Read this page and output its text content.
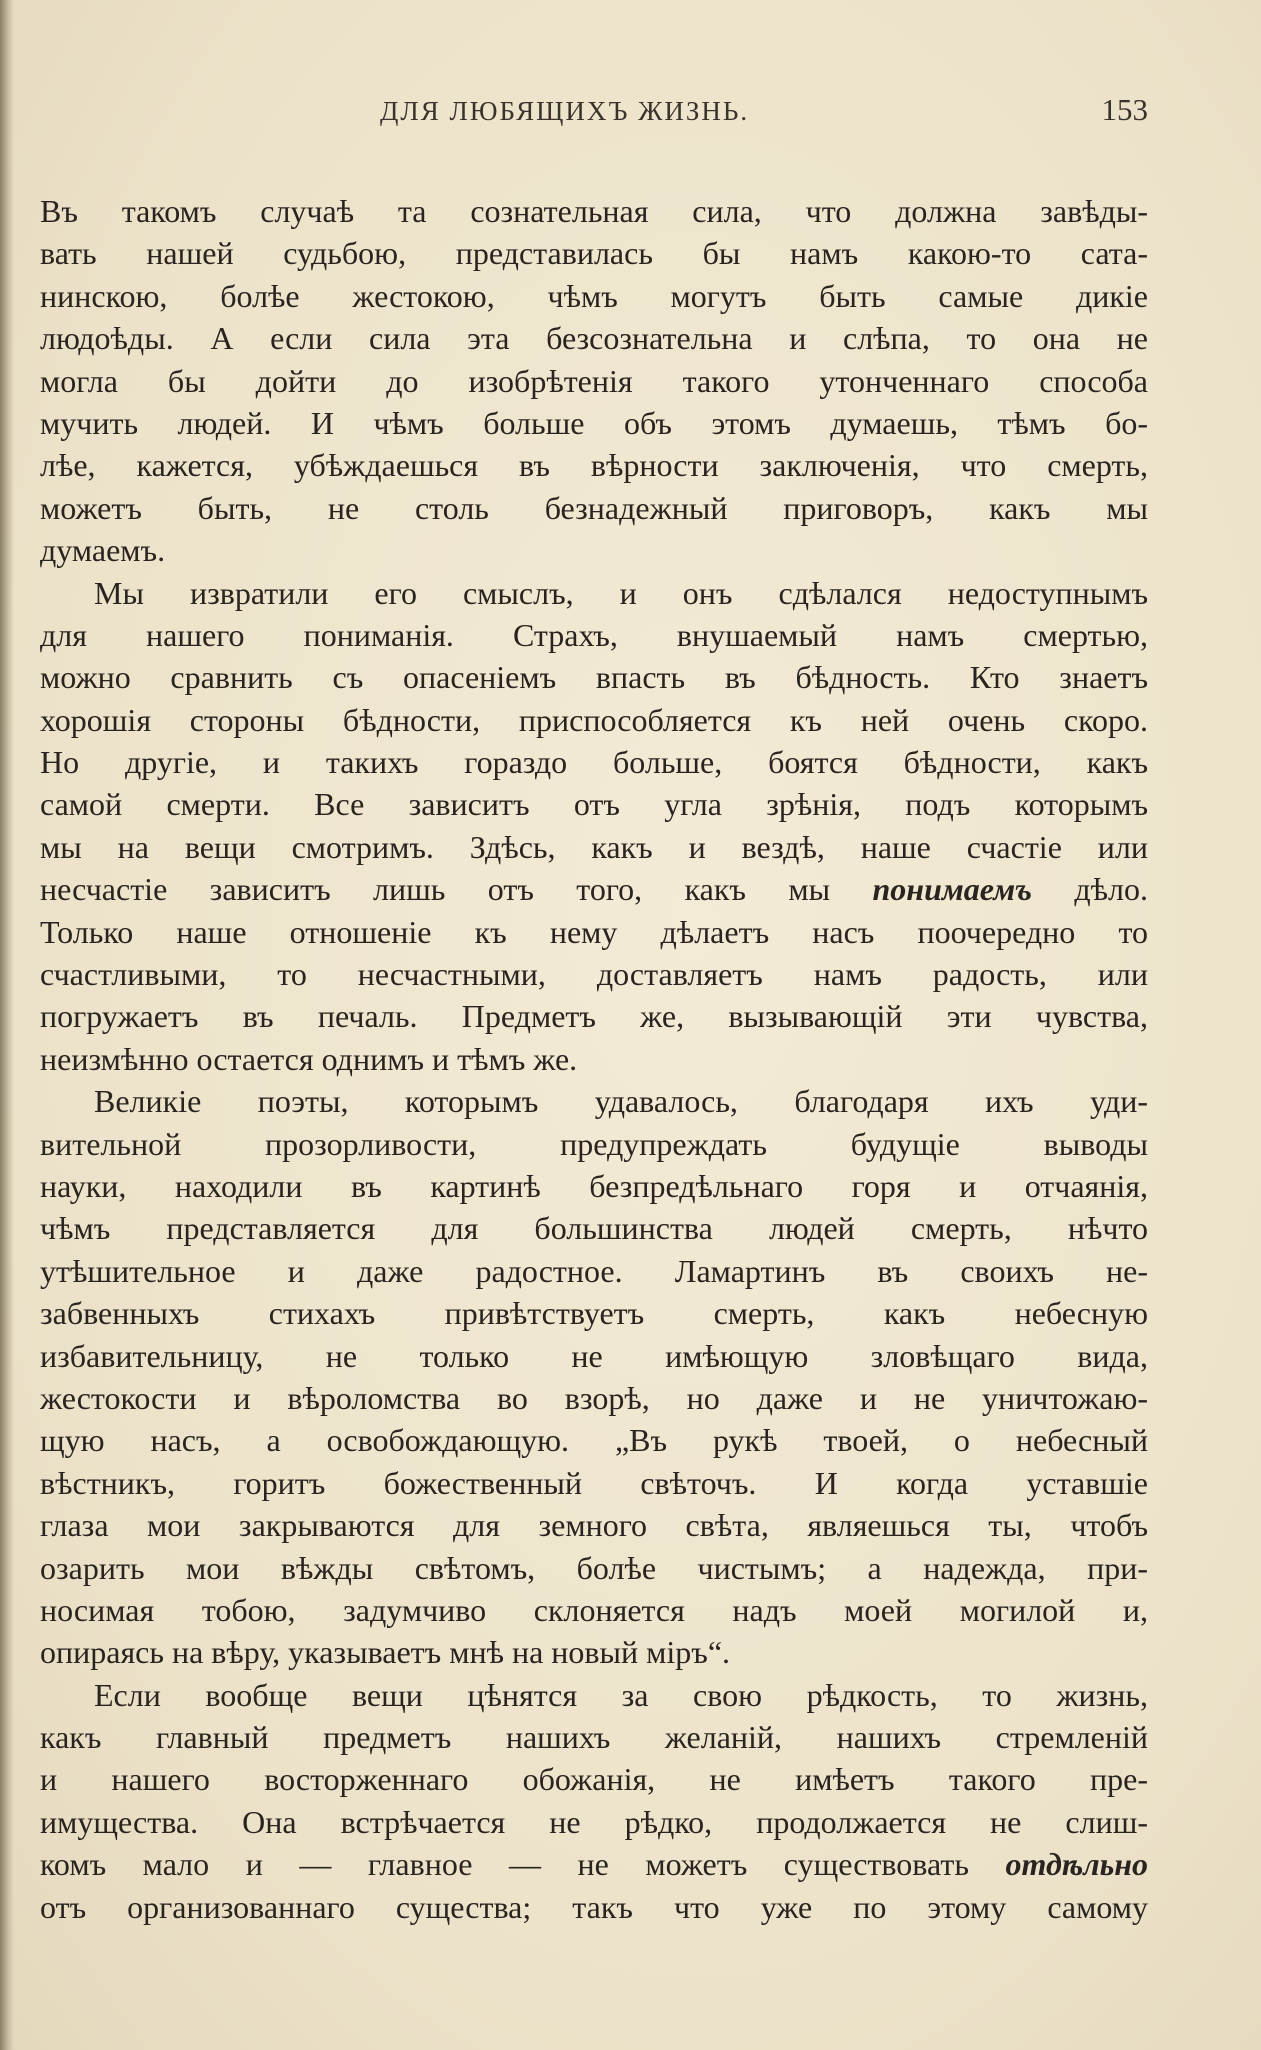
ДЛЯ ЛЮБЯЩИХЪ ЖИЗНЬ.	153
Въ такомъ случаѣ та сознательная сила, что должна завѣды-
вать нашей судьбою, представилась бы намъ какою-то сата-
нинскою, болѣе жестокою, чѣмъ могутъ быть самые дикіе
людоѣды. А если сила эта безсознательна и слѣпа, то она не
могла бы дойти до изобрѣтенія такого утонченнаго способа
мучить людей. И чѣмъ больше объ этомъ думаешь, тѣмъ бо-
лѣе, кажется, убѣждаешься въ вѣрности заключенія, что смерть,
можетъ быть, не столь безнадежный приговоръ, какъ мы
думаемъ.
Мы извратили его смыслъ, и онъ сдѣлался недоступнымъ
для нашего пониманія. Страхъ, внушаемый намъ смертью,
можно сравнить съ опасеніемъ впасть въ бѣдность. Кто знаетъ
хорошія стороны бѣдности, приспособляется къ ней очень скоро.
Но другіе, и такихъ гораздо больше, боятся бѣдности, какъ
самой смерти. Все зависитъ отъ угла зрѣнія, подъ которымъ
мы на вещи смотримъ. Здѣсь, какъ и вездѣ, наше счастіе или
несчастіе зависитъ лишь отъ того, какъ мы понимаемъ дѣло.
Только наше отношеніе къ нему дѣлаетъ насъ поочередно то
счастливыми, то несчастными, доставляетъ намъ радость, или
погружаетъ въ печаль. Предметъ же, вызывающій эти чувства,
неизмѣнно остается однимъ и тѣмъ же.
Великіе поэты, которымъ удавалось, благодаря ихъ уди-
вительной прозорливости, предупреждать будущіе выводы
науки, находили въ картинѣ безпредѣльнаго горя и отчаянія,
чѣмъ представляется для большинства людей смерть, нѣчто
утѣшительное и даже радостное. Ламартинъ въ своихъ не-
забвенныхъ стихахъ привѣтствуетъ смерть, какъ небесную
избавительницу, не только не имѣющую зловѣщаго вида,
жестокости и вѣроломства во взорѣ, но даже и не уничтожаю-
щую насъ, а освобождающую. „Въ рукѣ твоей, о небесный
вѣстникъ, горитъ божественный свѣточъ. И когда уставшіе
глаза мои закрываются для земного свѣта, являешься ты, чтобъ
озарить мои вѣжды свѣтомъ, болѣе чистымъ; а надежда, при-
носимая тобою, задумчиво склоняется надъ моей могилой и,
опираясь на вѣру, указываетъ мнѣ на новый міръ“.
Если вообще вещи цѣнятся за свою рѣдкость, то жизнь,
какъ главный предметъ нашихъ желаній, нашихъ стремленій
и нашего восторженнаго обожанія, не имѣетъ такого пре-
имущества. Она встрѣчается не рѣдко, продолжается не слиш-
комъ мало и — главное — не можетъ существовать отдѣльно
отъ организованнаго существа; такъ что уже по этому самому
